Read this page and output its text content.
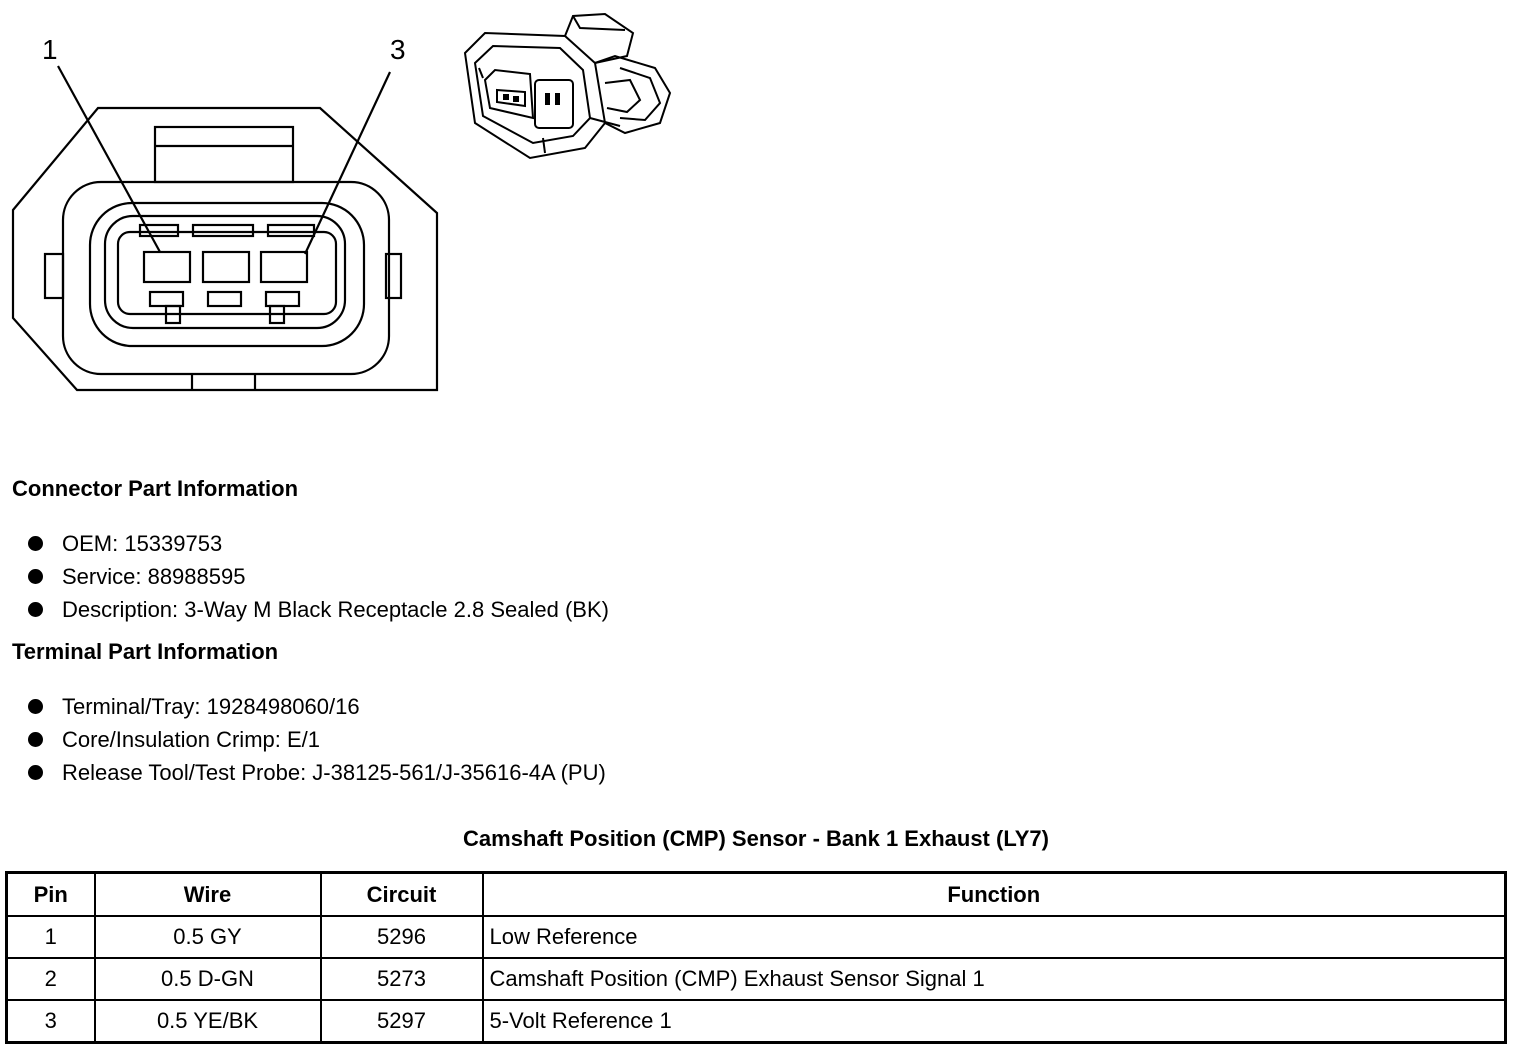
1	3
Connector Part Information
OEM: 15339753
Service: 88988595
Description: 3-Way M Black Receptacle 2.8 Sealed (BK)
Terminal Part Information
Terminal/Tray: 1928498060/16
Core/Insulation Crimp: E/1
Release Tool/Test Probe: J-38125-561/J-35616-4A (PU)
Camshaft Position (CMP) Sensor - Bank 1 Exhaust (LY7)
Pin	Wire	Circuit	Function
1	0.5 GY	5296	Low Reference
2	0.5 D-GN	5273	Camshaft Position (CMP) Exhaust Sensor Signal 1
3	0.5 YE/BK	5297	5-Volt Reference 1
